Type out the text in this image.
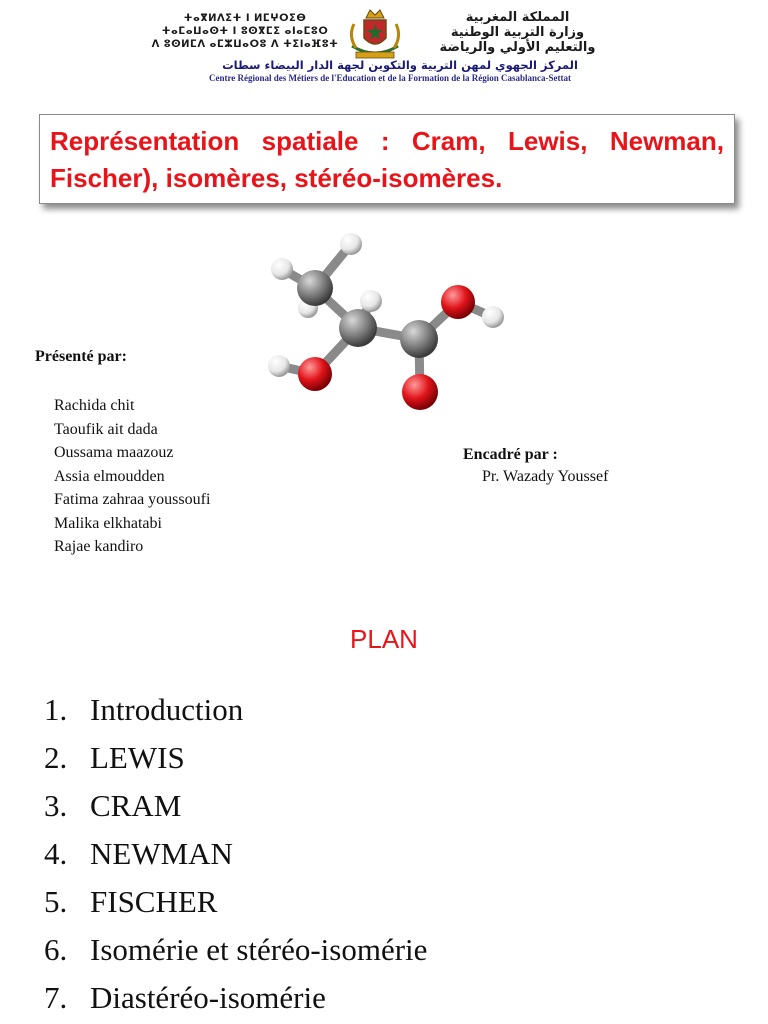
ⵜⴰⴳⵍⴷⵉⵜ ⵏ ⵍⵎⵖⵔⵉⴱ
ⵜⴰⵎⴰⵡⴰⵙⵜ ⵏ ⵓⵙⴳⵎⵉ ⴰⵏⴰⵎⵓⵔ
ⴷ ⵓⵙⵍⵎⴷ ⴰⵎⵣⵡⴰⵔⵓ ⴷ ⵜⵉⵏⴰⴼⵓⵜ
المملكة المغربية
وزارة التربية الوطنية
والتعليم الأولي والرياضة
المركز الجهوي لمهن التربية والتكوين لجهة الدار البيضاء سطات
Centre Régional des Métiers de l'Education et de la Formation de la Région Casablanca-Settat
Représentation spatiale : Cram, Lewis, Newman, Fischer), isomères, stéréo-isomères.
Présenté par:
Rachida chit
Taoufik ait dada
Oussama maazouz
Assia elmoudden
Fatima zahraa youssoufi
Malika elkhatabi
Rajae kandiro
Encadré par :
Pr. Wazady Youssef
PLAN
1. Introduction
2. LEWIS
3. CRAM
4. NEWMAN
5. FISCHER
6. Isomérie et stéréo-isomérie
7. Diastéréo-isomérie
